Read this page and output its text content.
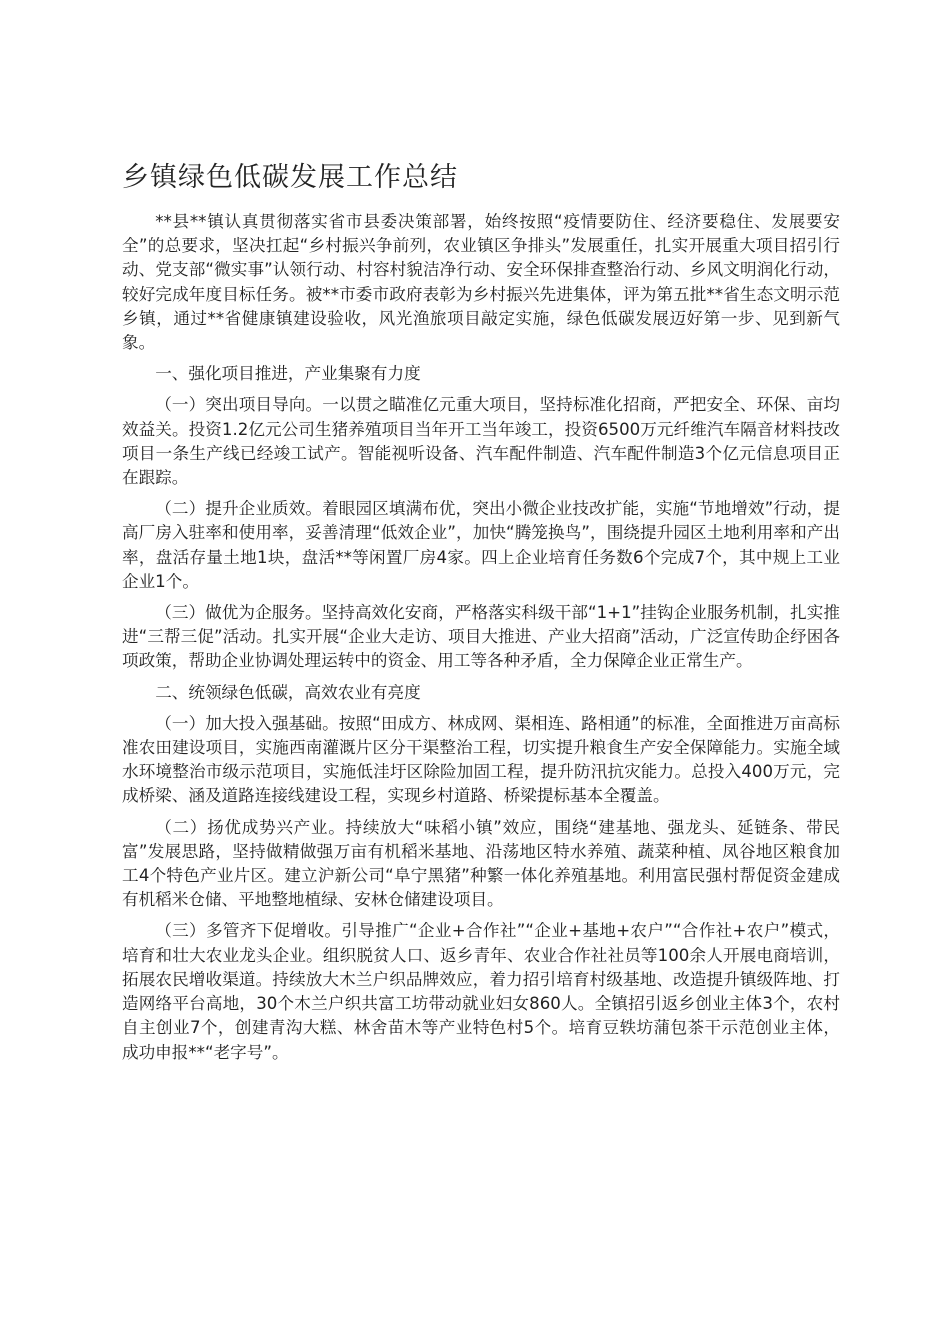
乡镇绿色低碳发展工作总结

**县**镇认真贯彻落实省市县委决策部署，始终按照“疫情要防住、经济要稳住、发展要安全”的总要求，坚决扛起“乡村振兴争前列，农业镇区争排头”发展重任，扎实开展重大项目招引行动、党支部“微实事”认领行动、村容村貌洁净行动、安全环保排查整治行动、乡风文明润化行动，较好完成年度目标任务。被**市委市政府表彰为乡村振兴先进集体，评为第五批**省生态文明示范乡镇，通过**省健康镇建设验收，风光渔旅项目敲定实施，绿色低碳发展迈好第一步、见到新气象。

一、强化项目推进，产业集聚有力度

（一）突出项目导向。一以贯之瞄准亿元重大项目，坚持标准化招商，严把安全、环保、亩均效益关。投资1.2亿元公司生猪养殖项目当年开工当年竣工，投资6500万元纤维汽车隔音材料技改项目一条生产线已经竣工试产。智能视听设备、汽车配件制造、汽车配件制造3个亿元信息项目正在跟踪。

（二）提升企业质效。着眼园区填满布优，突出小微企业技改扩能，实施“节地增效”行动，提高厂房入驻率和使用率，妥善清理“低效企业”，加快“腾笼换鸟”，围绕提升园区土地利用率和产出率，盘活存量土地1块，盘活**等闲置厂房4家。四上企业培育任务数6个完成7个，其中规上工业企业1个。

（三）做优为企服务。坚持高效化安商，严格落实科级干部“1+1”挂钩企业服务机制，扎实推进“三帮三促”活动。扎实开展“企业大走访、项目大推进、产业大招商”活动，广泛宣传助企纾困各项政策，帮助企业协调处理运转中的资金、用工等各种矛盾，全力保障企业正常生产。

二、统领绿色低碳，高效农业有亮度

（一）加大投入强基础。按照“田成方、林成网、渠相连、路相通”的标准，全面推进万亩高标准农田建设项目，实施西南灌溉片区分干渠整治工程，切实提升粮食生产安全保障能力。实施全域水环境整治市级示范项目，实施低洼圩区除险加固工程，提升防汛抗灾能力。总投入400万元，完成桥梁、涵及道路连接线建设工程，实现乡村道路、桥梁提标基本全覆盖。

（二）扬优成势兴产业。持续放大“味稻小镇”效应，围绕“建基地、强龙头、延链条、带民富”发展思路，坚持做精做强万亩有机稻米基地、沿荡地区特水养殖、蔬菜种植、凤谷地区粮食加工4个特色产业片区。建立沪新公司“阜宁黑猪”种繁一体化养殖基地。利用富民强村帮促资金建成有机稻米仓储、平地整地植绿、安林仓储建设项目。

（三）多管齐下促增收。引导推广“企业+合作社”“企业+基地+农户”“合作社+农户”模式，培育和壮大农业龙头企业。组织脱贫人口、返乡青年、农业合作社社员等100余人开展电商培训，拓展农民增收渠道。持续放大木兰户织品牌效应，着力招引培育村级基地、改造提升镇级阵地、打造网络平台高地，30个木兰户织共富工坊带动就业妇女860人。全镇招引返乡创业主体3个，农村自主创业7个，创建青沟大糕、林舍苗木等产业特色村5个。培育豆轶坊蒲包茶干示范创业主体，成功申报**“老字号”。
